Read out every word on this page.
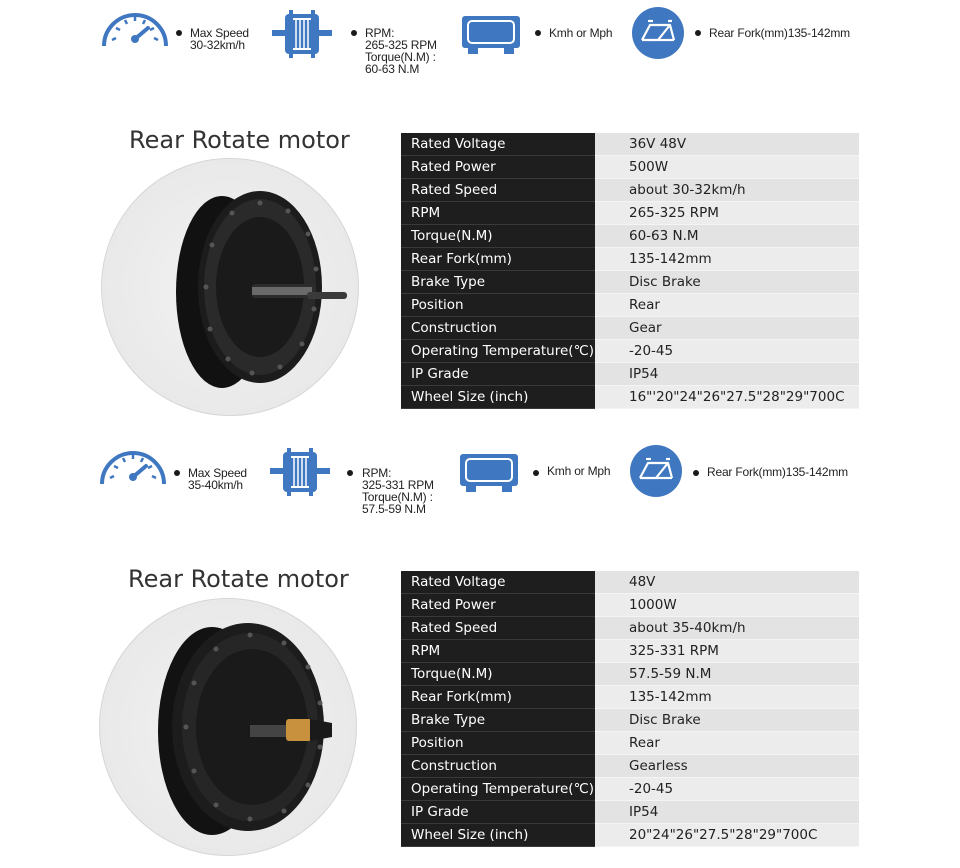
Max Speed
30-32km/h
RPM:
265-325 RPM
Torque(N.M) :
60-63 N.M
Kmh or Mph	Rear Fork(mm)135-142mm
Rear Rotate motor	Rated Voltage	36V 48V
Rated Power	500W
Rated Speed	about 30-32km/h
RPM	265-325 RPM
Torque(N.M)	60-63 N.M
Rear Fork(mm)	135-142mm
Brake Type	Disc Brake
Position	Rear
Construction	Gear
Operating Temperature(℃)	-20-45
IP Grade	IP54
Wheel Size (inch)	16"'20"24"26"27.5"28"29"700C
Max Speed
35-40km/h
RPM:
325-331 RPM
Torque(N.M) :
57.5-59 N.M
Kmh or Mph	Rear Fork(mm)135-142mm
Rear Rotate motor	Rated Voltage	48V
Rated Power	1000W
Rated Speed	about 35-40km/h
RPM	325-331 RPM
Torque(N.M)	57.5-59 N.M
Rear Fork(mm)	135-142mm
Brake Type	Disc Brake
Position	Rear
Construction	Gearless
Operating Temperature(℃)	-20-45
IP Grade	IP54
Wheel Size (inch)	20"24"26"27.5"28"29"700C
